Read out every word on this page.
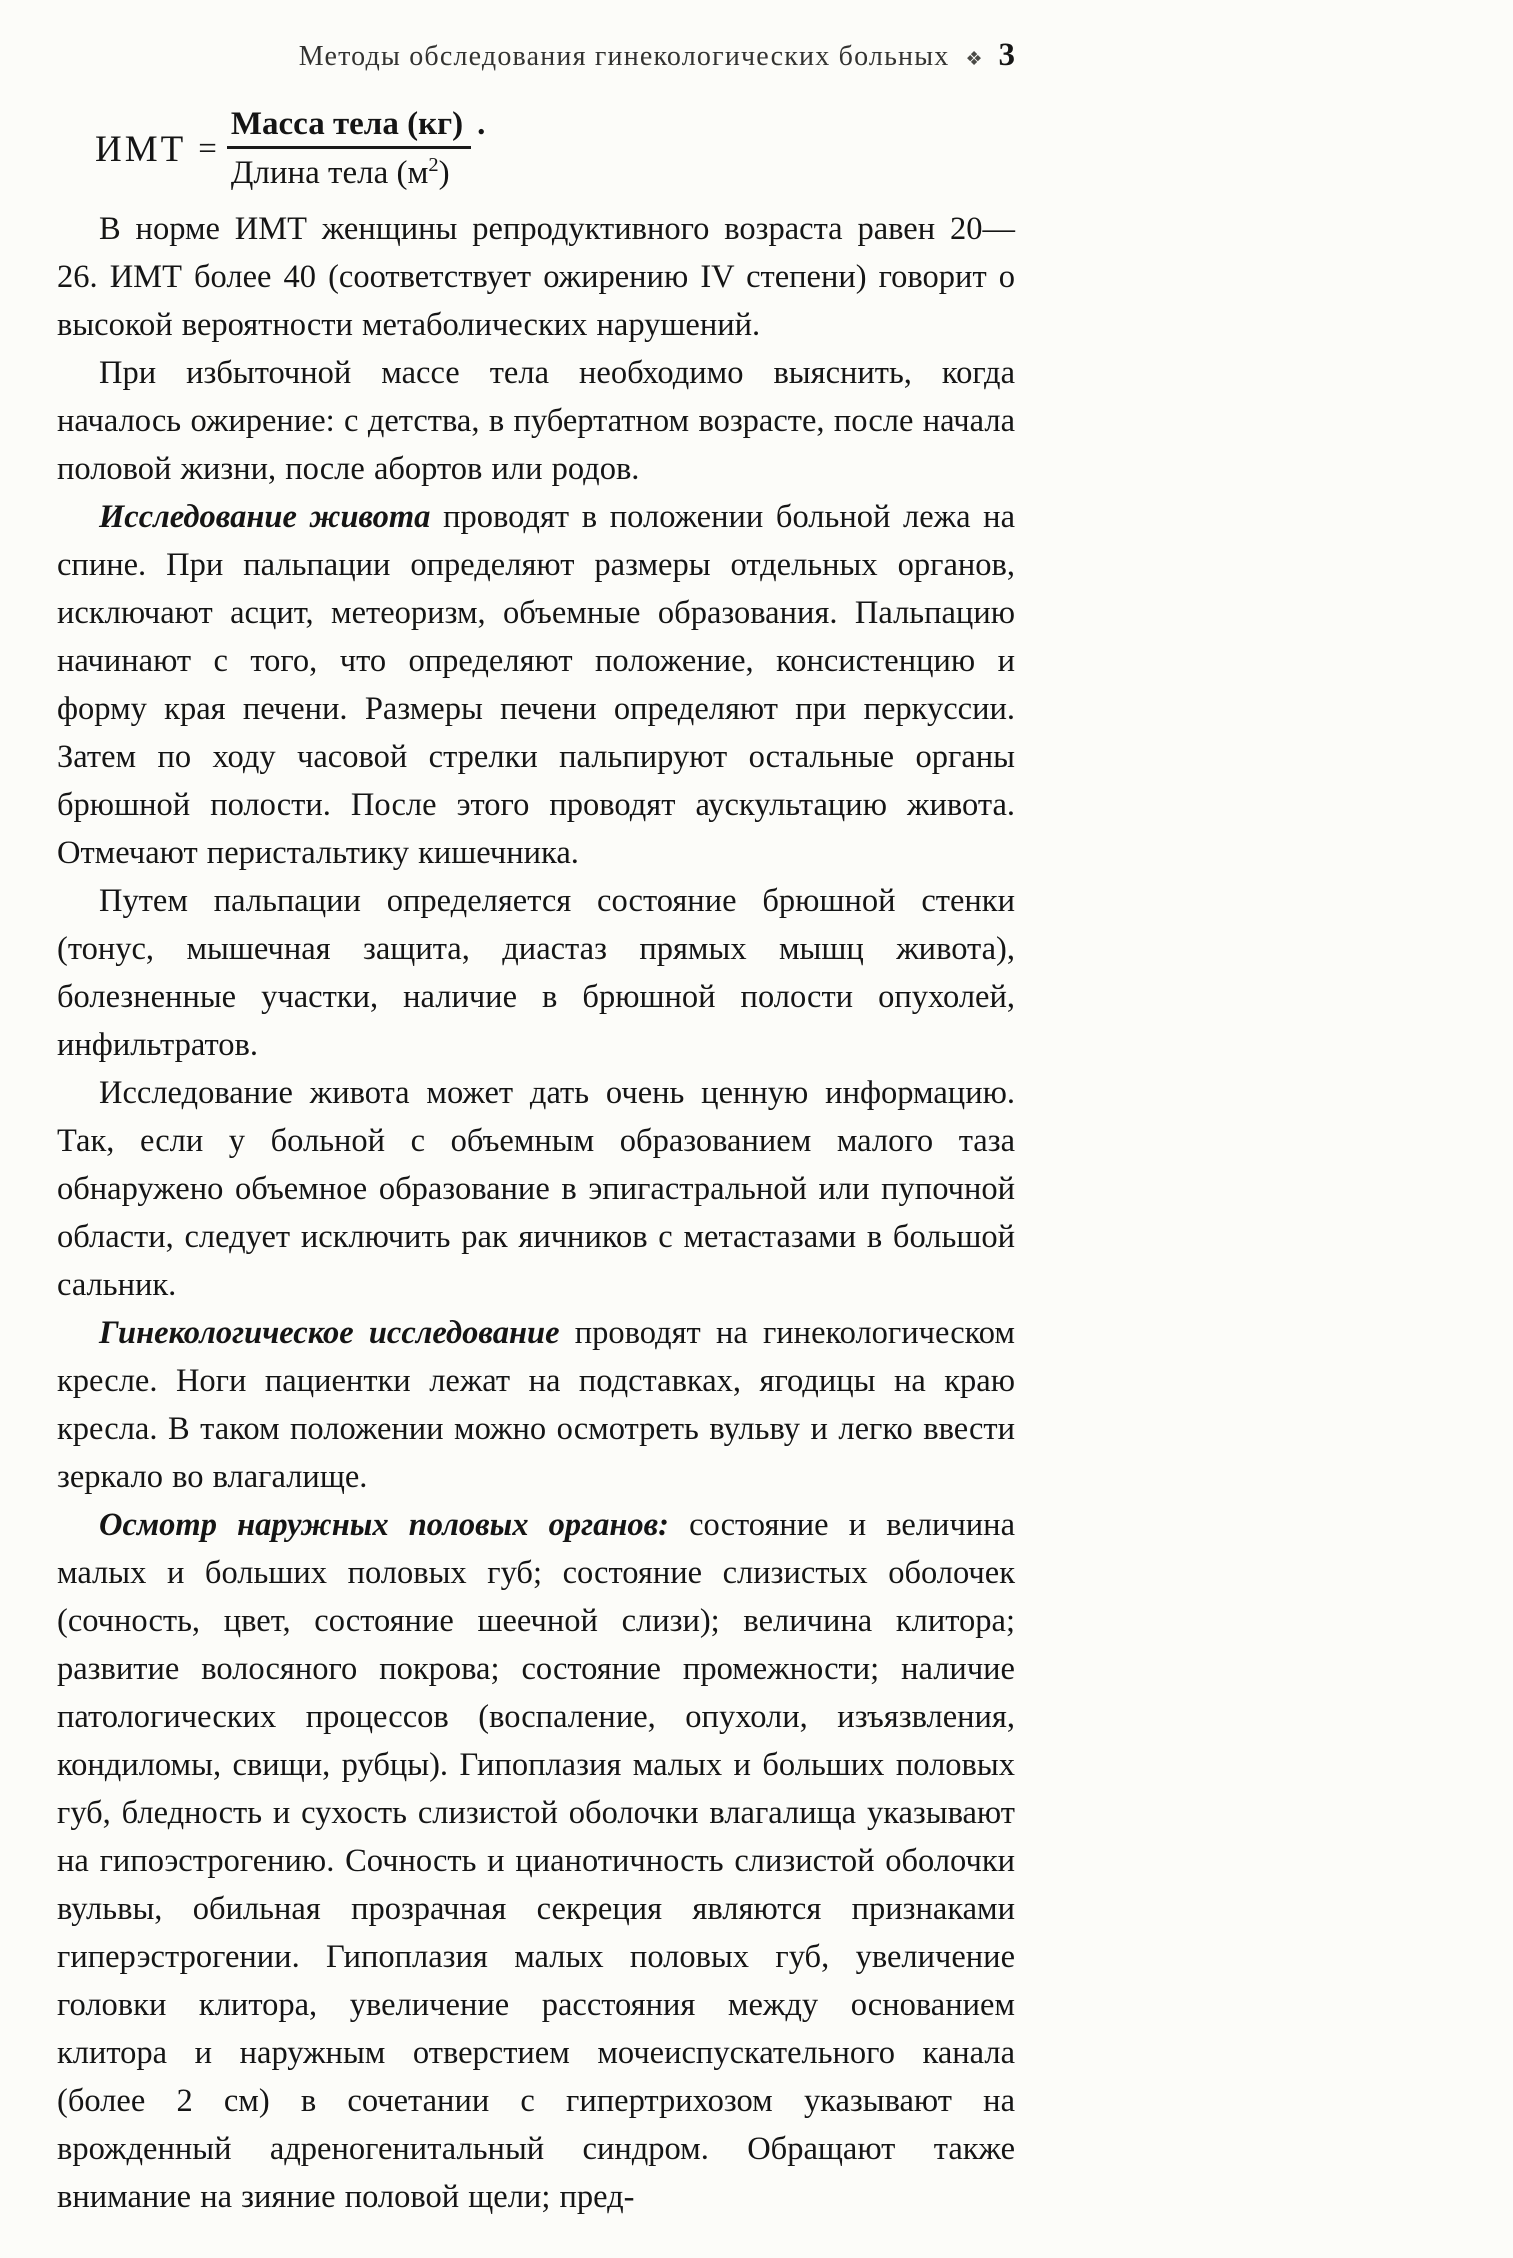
Методы обследования гинекологических больных ❖ 3
ИМТ = $\frac{\text{Масса тела (кг)}}{Длина тела (м^2)}$ .

В норме ИМТ женщины репродуктивного возраста равен 20—26. ИМТ более 40 (соответствует ожирению IV степени) говорит о высокой вероятности метаболических нарушений.

При избыточной массе тела необходимо выяснить, когда началось ожирение: с детства, в пубертатном возрасте, после начала половой жизни, после абортов или родов.

Исследование живота проводят в положении больной лежа на спине. При пальпации определяют размеры отдельных органов, исключают асцит, метеоризм, объемные образования. Пальпацию начинают с того, что определяют положение, консистенцию и форму края печени. Размеры печени определяют при перкуссии. Затем по ходу часовой стрелки пальпируют остальные органы брюшной полости. После этого проводят аускультацию живота. Отмечают перистальтику кишечника.

Путем пальпации определяется состояние брюшной стенки (тонус, мышечная защита, диастаз прямых мышц живота), болезненные участки, наличие в брюшной полости опухолей, инфильтратов.

Исследование живота может дать очень ценную информацию. Так, если у больной с объемным образованием малого таза обнаружено объемное образование в эпигастральной или пупочной области, следует исключить рак яичников с метастазами в большой сальник.

Гинекологическое исследование проводят на гинекологическом кресле. Ноги пациентки лежат на подставках, ягодицы на краю кресла. В таком положении можно осмотреть вульву и легко ввести зеркало во влагалище.

Осмотр наружных половых органов: состояние и величина малых и больших половых губ; состояние слизистых оболочек (сочность, цвет, состояние шеечной слизи); величина клитора; развитие волосяного покрова; состояние промежности; наличие патологических процессов (воспаление, опухоли, изъязвления, кондиломы, свищи, рубцы). Гипоплазия малых и больших половых губ, бледность и сухость слизистой оболочки влагалища указывают на гипоэстрогению. Сочность и цианотичность слизистой оболочки вульвы, обильная прозрачная секреция являются признаками гиперэстрогении. Гипоплазия малых половых губ, увеличение головки клитора, увеличение расстояния между основанием клитора и наружным отверстием мочеиспускательного канала (более 2 см) в сочетании с гипертрихозом указывают на врожденный адреногенитальный синдром. Обращают также внимание на зияние половой щели; пред-
